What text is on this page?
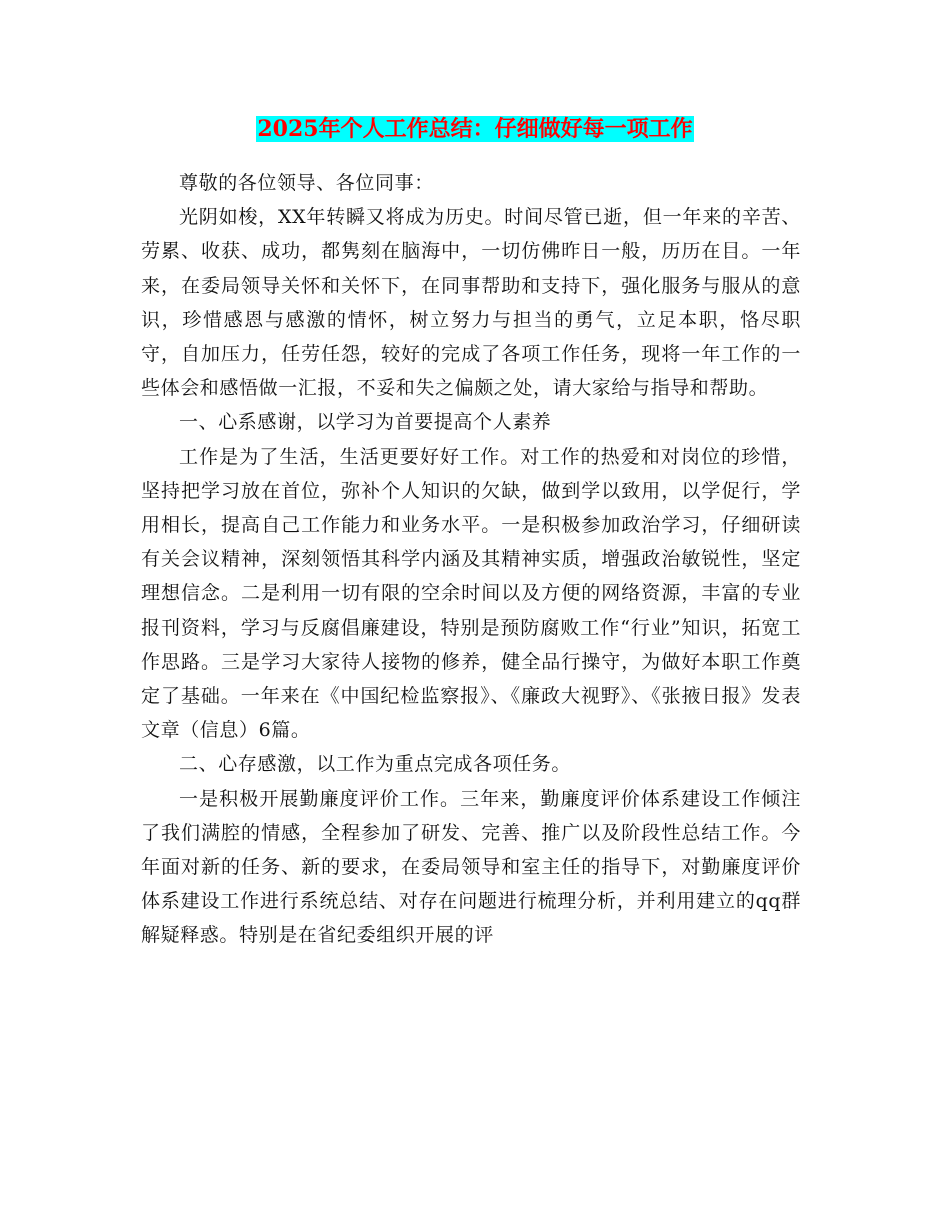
2025年个人工作总结：仔细做好每一项工作

尊敬的各位领导、各位同事：

光阴如梭，XX年转瞬又将成为历史。时间尽管已逝，但一年来的辛苦、劳累、收获、成功，都隽刻在脑海中，一切仿佛昨日一般，历历在目。一年来，在委局领导关怀和关怀下，在同事帮助和支持下，强化服务与服从的意识，珍惜感恩与感激的情怀，树立努力与担当的勇气，立足本职，恪尽职守，自加压力，任劳任怨，较好的完成了各项工作任务，现将一年工作的一些体会和感悟做一汇报，不妥和失之偏颇之处，请大家给与指导和帮助。

一、心系感谢，以学习为首要提高个人素养

工作是为了生活，生活更要好好工作。对工作的热爱和对岗位的珍惜，坚持把学习放在首位，弥补个人知识的欠缺，做到学以致用，以学促行，学用相长，提高自己工作能力和业务水平。一是积极参加政治学习，仔细研读有关会议精神，深刻领悟其科学内涵及其精神实质，增强政治敏锐性，坚定理想信念。二是利用一切有限的空余时间以及方便的网络资源，丰富的专业报刊资料，学习与反腐倡廉建设，特别是预防腐败工作“行业”知识，拓宽工作思路。三是学习大家待人接物的修养，健全品行操守，为做好本职工作奠定了基础。一年来在《中国纪检监察报》、《廉政大视野》、《张掖日报》发表文章（信息）6篇。

二、心存感激，以工作为重点完成各项任务。

一是积极开展勤廉度评价工作。三年来，勤廉度评价体系建设工作倾注了我们满腔的情感，全程参加了研发、完善、推广以及阶段性总结工作。今年面对新的任务、新的要求，在委局领导和室主任的指导下，对勤廉度评价体系建设工作进行系统总结、对存在问题进行梳理分析，并利用建立的qq群解疑释惑。特别是在省纪委组织开展的评
